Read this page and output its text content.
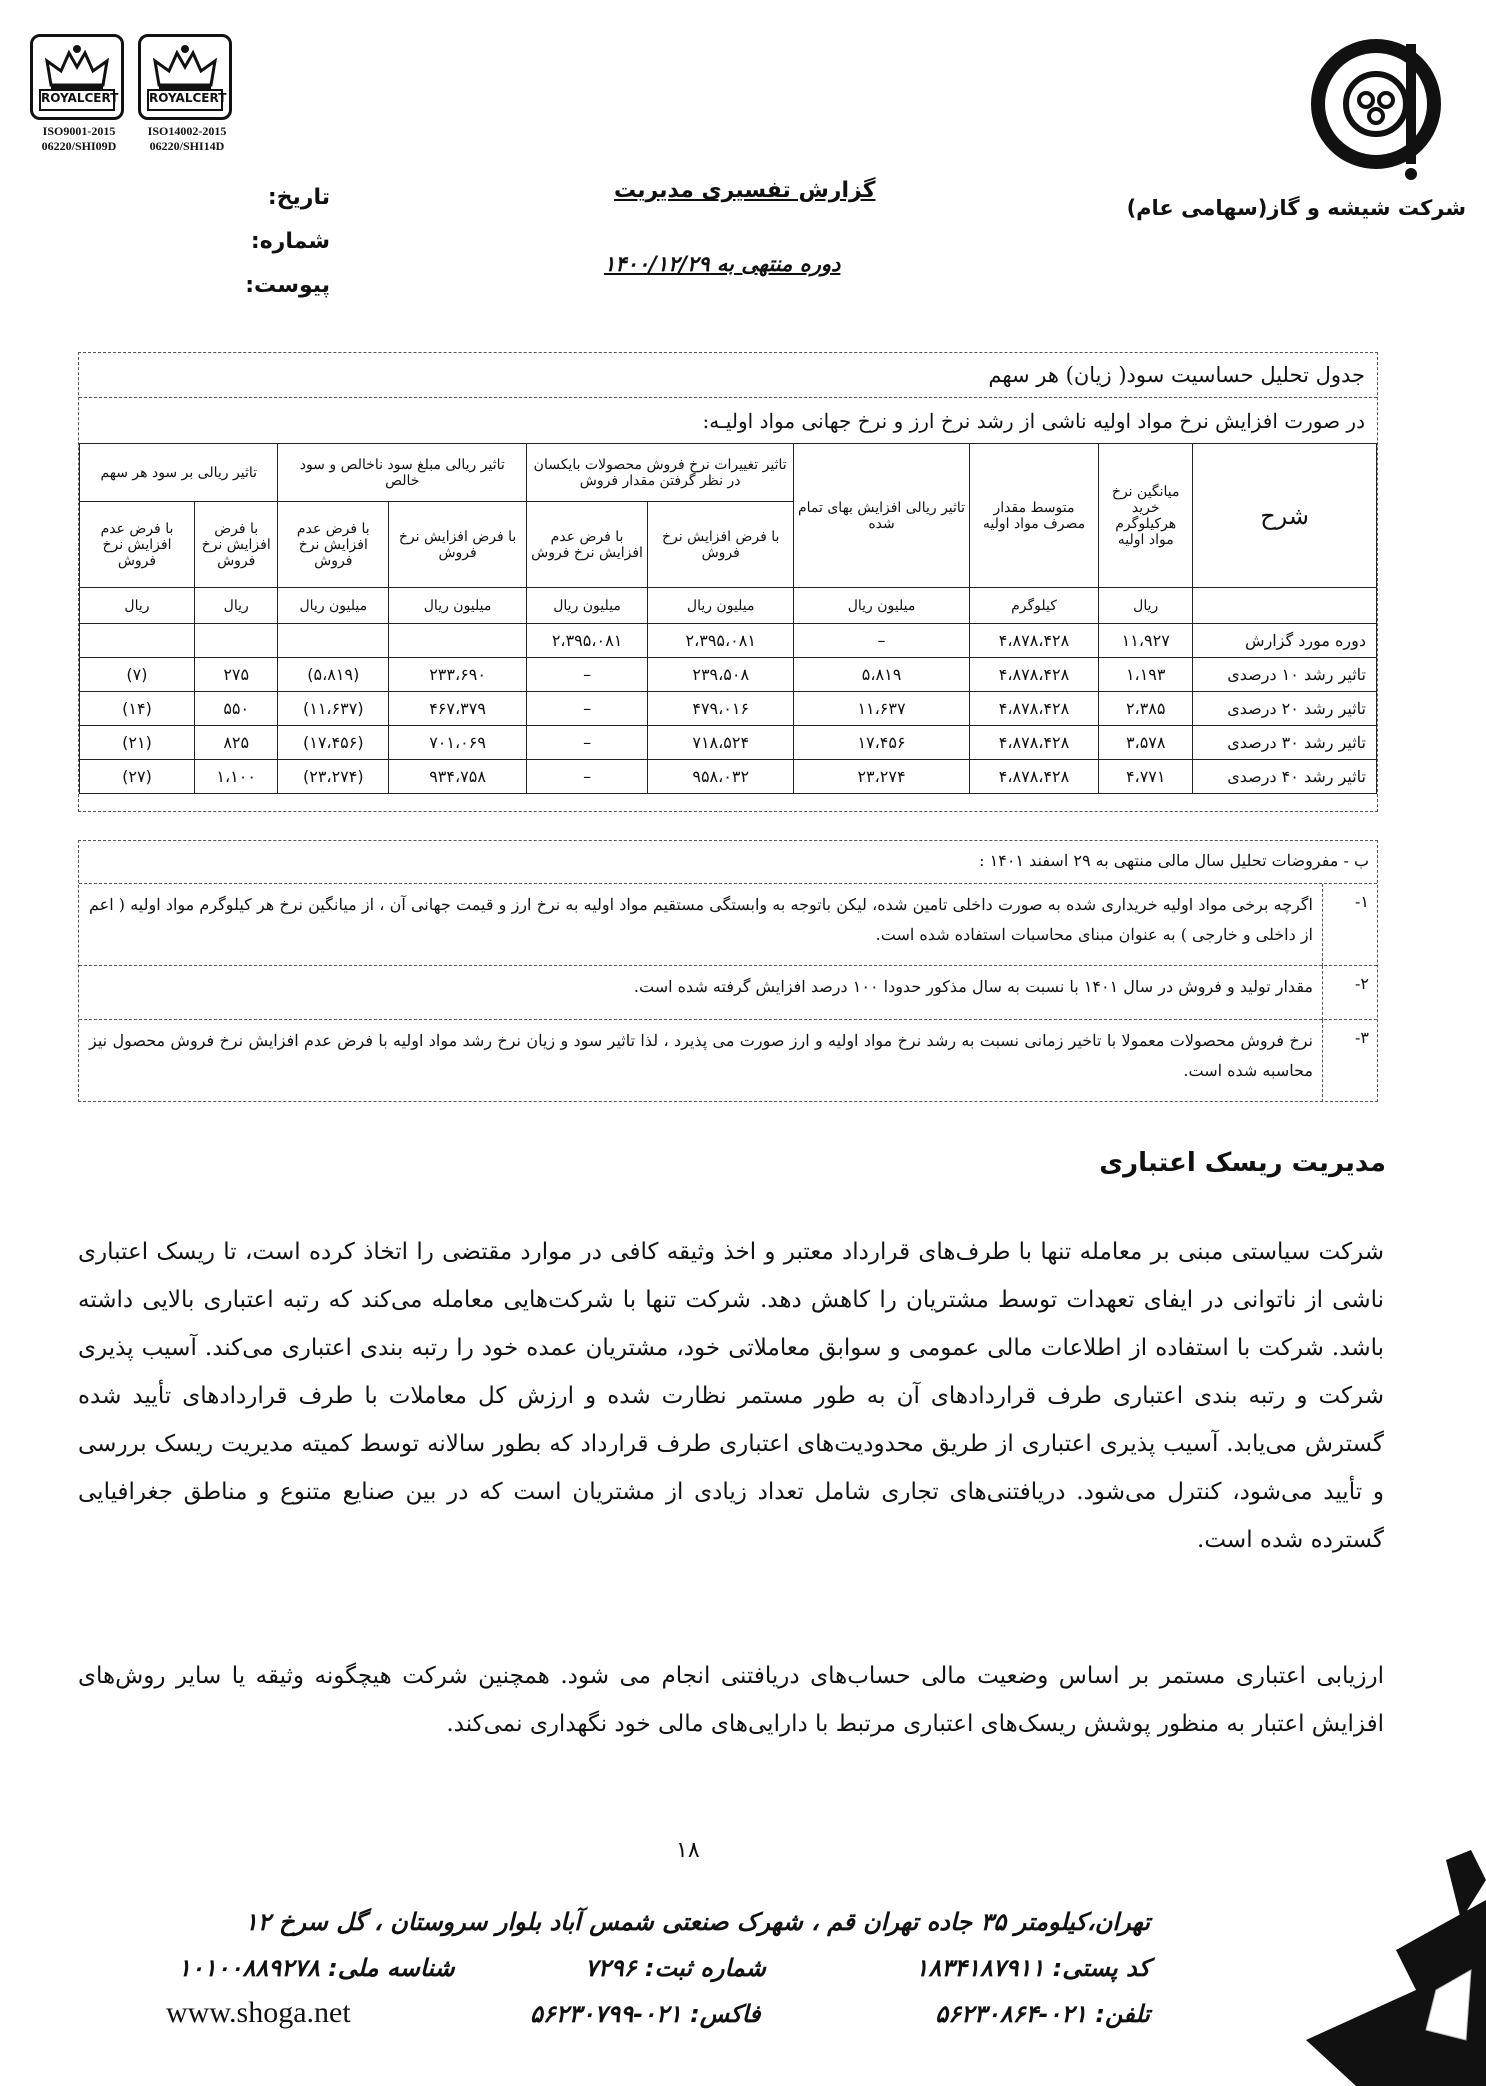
ROYALCERT
ISO9001-2015
06220/SHI09D
ROYALCERT
ISO14002-2015
06220/SHI14D
شرکت شیشه و گاز(سهامی عام)
گزارش تفسیری مدیریت
دوره منتهی به ۱۴۰۰/۱۲/۲۹
تاریخ:
شماره:
پیوست:
جدول تحلیل حساسیت سود( زیان) هر سهم
در صورت افزایش نرخ مواد اولیه ناشی از رشد نرخ ارز و نرخ جهانی مواد اولیـه:
شرح	میانگین نرخ خرید هرکیلوگرم مواد اولیه	متوسط مقدار مصرف مواد اولیه	تاثیر ریالی افزایش بهای تمام شده	تاثیر تغییرات نرخ فروش محصولات بایکسان در نظر گرفتن مقدار فروش		تاثیر ریالی مبلغ سود ناخالص و سود خالص		تاثیر ریالی بر سود هر سهم	
				با فرض افزایش نرخ فروش	با فرض عدم افزایش نرخ فروش	با فرض افزایش نرخ فروش	با فرض عدم افزایش نرخ فروش	با فرض افزایش نرخ فروش	با فرض عدم افزایش نرخ فروش
	ریال	کیلوگرم	میلیون ریال	میلیون ریال	میلیون ریال	میلیون ریال	میلیون ریال	ریال	ریال
دوره مورد گزارش	۱۱،۹۲۷	۴،۸۷۸،۴۲۸	–	۲،۳۹۵،۰۸۱	۲،۳۹۵،۰۸۱				
تاثیر رشد ۱۰ درصدی	۱،۱۹۳	۴،۸۷۸،۴۲۸	۵،۸۱۹	۲۳۹،۵۰۸	–	۲۳۳،۶۹۰	(۵،۸۱۹)	۲۷۵	(۷)
تاثیر رشد ۲۰ درصدی	۲،۳۸۵	۴،۸۷۸،۴۲۸	۱۱،۶۳۷	۴۷۹،۰۱۶	–	۴۶۷،۳۷۹	(۱۱،۶۳۷)	۵۵۰	(۱۴)
تاثیر رشد ۳۰ درصدی	۳،۵۷۸	۴،۸۷۸،۴۲۸	۱۷،۴۵۶	۷۱۸،۵۲۴	–	۷۰۱،۰۶۹	(۱۷،۴۵۶)	۸۲۵	(۲۱)
تاثیر رشد ۴۰ درصدی	۴،۷۷۱	۴،۸۷۸،۴۲۸	۲۳،۲۷۴	۹۵۸،۰۳۲	–	۹۳۴،۷۵۸	(۲۳،۲۷۴)	۱،۱۰۰	(۲۷)
ب - مفروضات تحلیل سال مالی منتهی به ۲۹ اسفند ۱۴۰۱ :
۱-
اگرچه برخی مواد اولیه خریداری شده به صورت داخلی تامین شده، لیکن باتوجه به وابستگی مستقیم مواد اولیه به نرخ ارز و قیمت جهانی آن ، از میانگین نرخ هر کیلوگرم مواد اولیه ( اعم از داخلی و خارجی ) به عنوان مبنای محاسبات استفاده شده است.
۲-
مقدار تولید و فروش در سال ۱۴۰۱ با نسبت به سال مذکور حدودا ۱۰۰ درصد افزایش گرفته شده است.
۳-
نرخ فروش محصولات معمولا با تاخیر زمانی نسبت به رشد نرخ مواد اولیه و ارز صورت می پذیرد ، لذا تاثیر سود و زیان نرخ رشد مواد اولیه با فرض عدم افزایش نرخ فروش محصول نیز محاسبه شده است.
مدیریت ریسک اعتباری
شرکت سیاستی مبنی بر معامله تنها با طرف‌های قرارداد معتبر و اخذ وثیقه کافی در موارد مقتضی را اتخاذ کرده است، تا ریسک اعتباری ناشی از ناتوانی در ایفای تعهدات توسط مشتریان را کاهش دهد. شرکت تنها با شرکت‌هایی معامله می‌کند که رتبه اعتباری بالایی داشته باشد. شرکت با استفاده از اطلاعات مالی عمومی و سوابق معاملاتی خود، مشتریان عمده خود را رتبه بندی اعتباری می‌کند. آسیب پذیری شرکت و رتبه بندی اعتباری طرف قراردادهای آن به طور مستمر نظارت شده و ارزش کل معاملات با طرف قراردادهای تأیید شده گسترش می‌یابد. آسیب پذیری اعتباری از طریق محدودیت‌های اعتباری طرف قرارداد که بطور سالانه توسط کمیته مدیریت ریسک بررسی و تأیید می‌شود، کنترل می‌شود. دریافتنی‌های تجاری شامل تعداد زیادی از مشتریان است که در بین صنایع متنوع و مناطق جغرافیایی گسترده شده است.
ارزیابی اعتباری مستمر بر اساس وضعیت مالی حساب‌های دریافتنی انجام می شود. همچنین شرکت هیچگونه وثیقه یا سایر روش‌های افزایش اعتبار به منظور پوشش ریسک‌های اعتباری مرتبط با دارایی‌های مالی خود نگهداری نمی‌کند.
۱۸
تهران،کیلومتر ۳۵ جاده تهران قم ، شهرک صنعتی شمس آباد بلوار سروستان ، گل سرخ ۱۲
کد پستی: ۱۸۳۴۱۸۷۹۱۱
شماره ثبت: ۷۲۹۶
شناسه ملی: ۱۰۱۰۰۸۸۹۲۷۸
تلفن: ۰۲۱-۵۶۲۳۰۸۶۴
فاکس: ۰۲۱-۵۶۲۳۰۷۹۹
www.shoga.net
